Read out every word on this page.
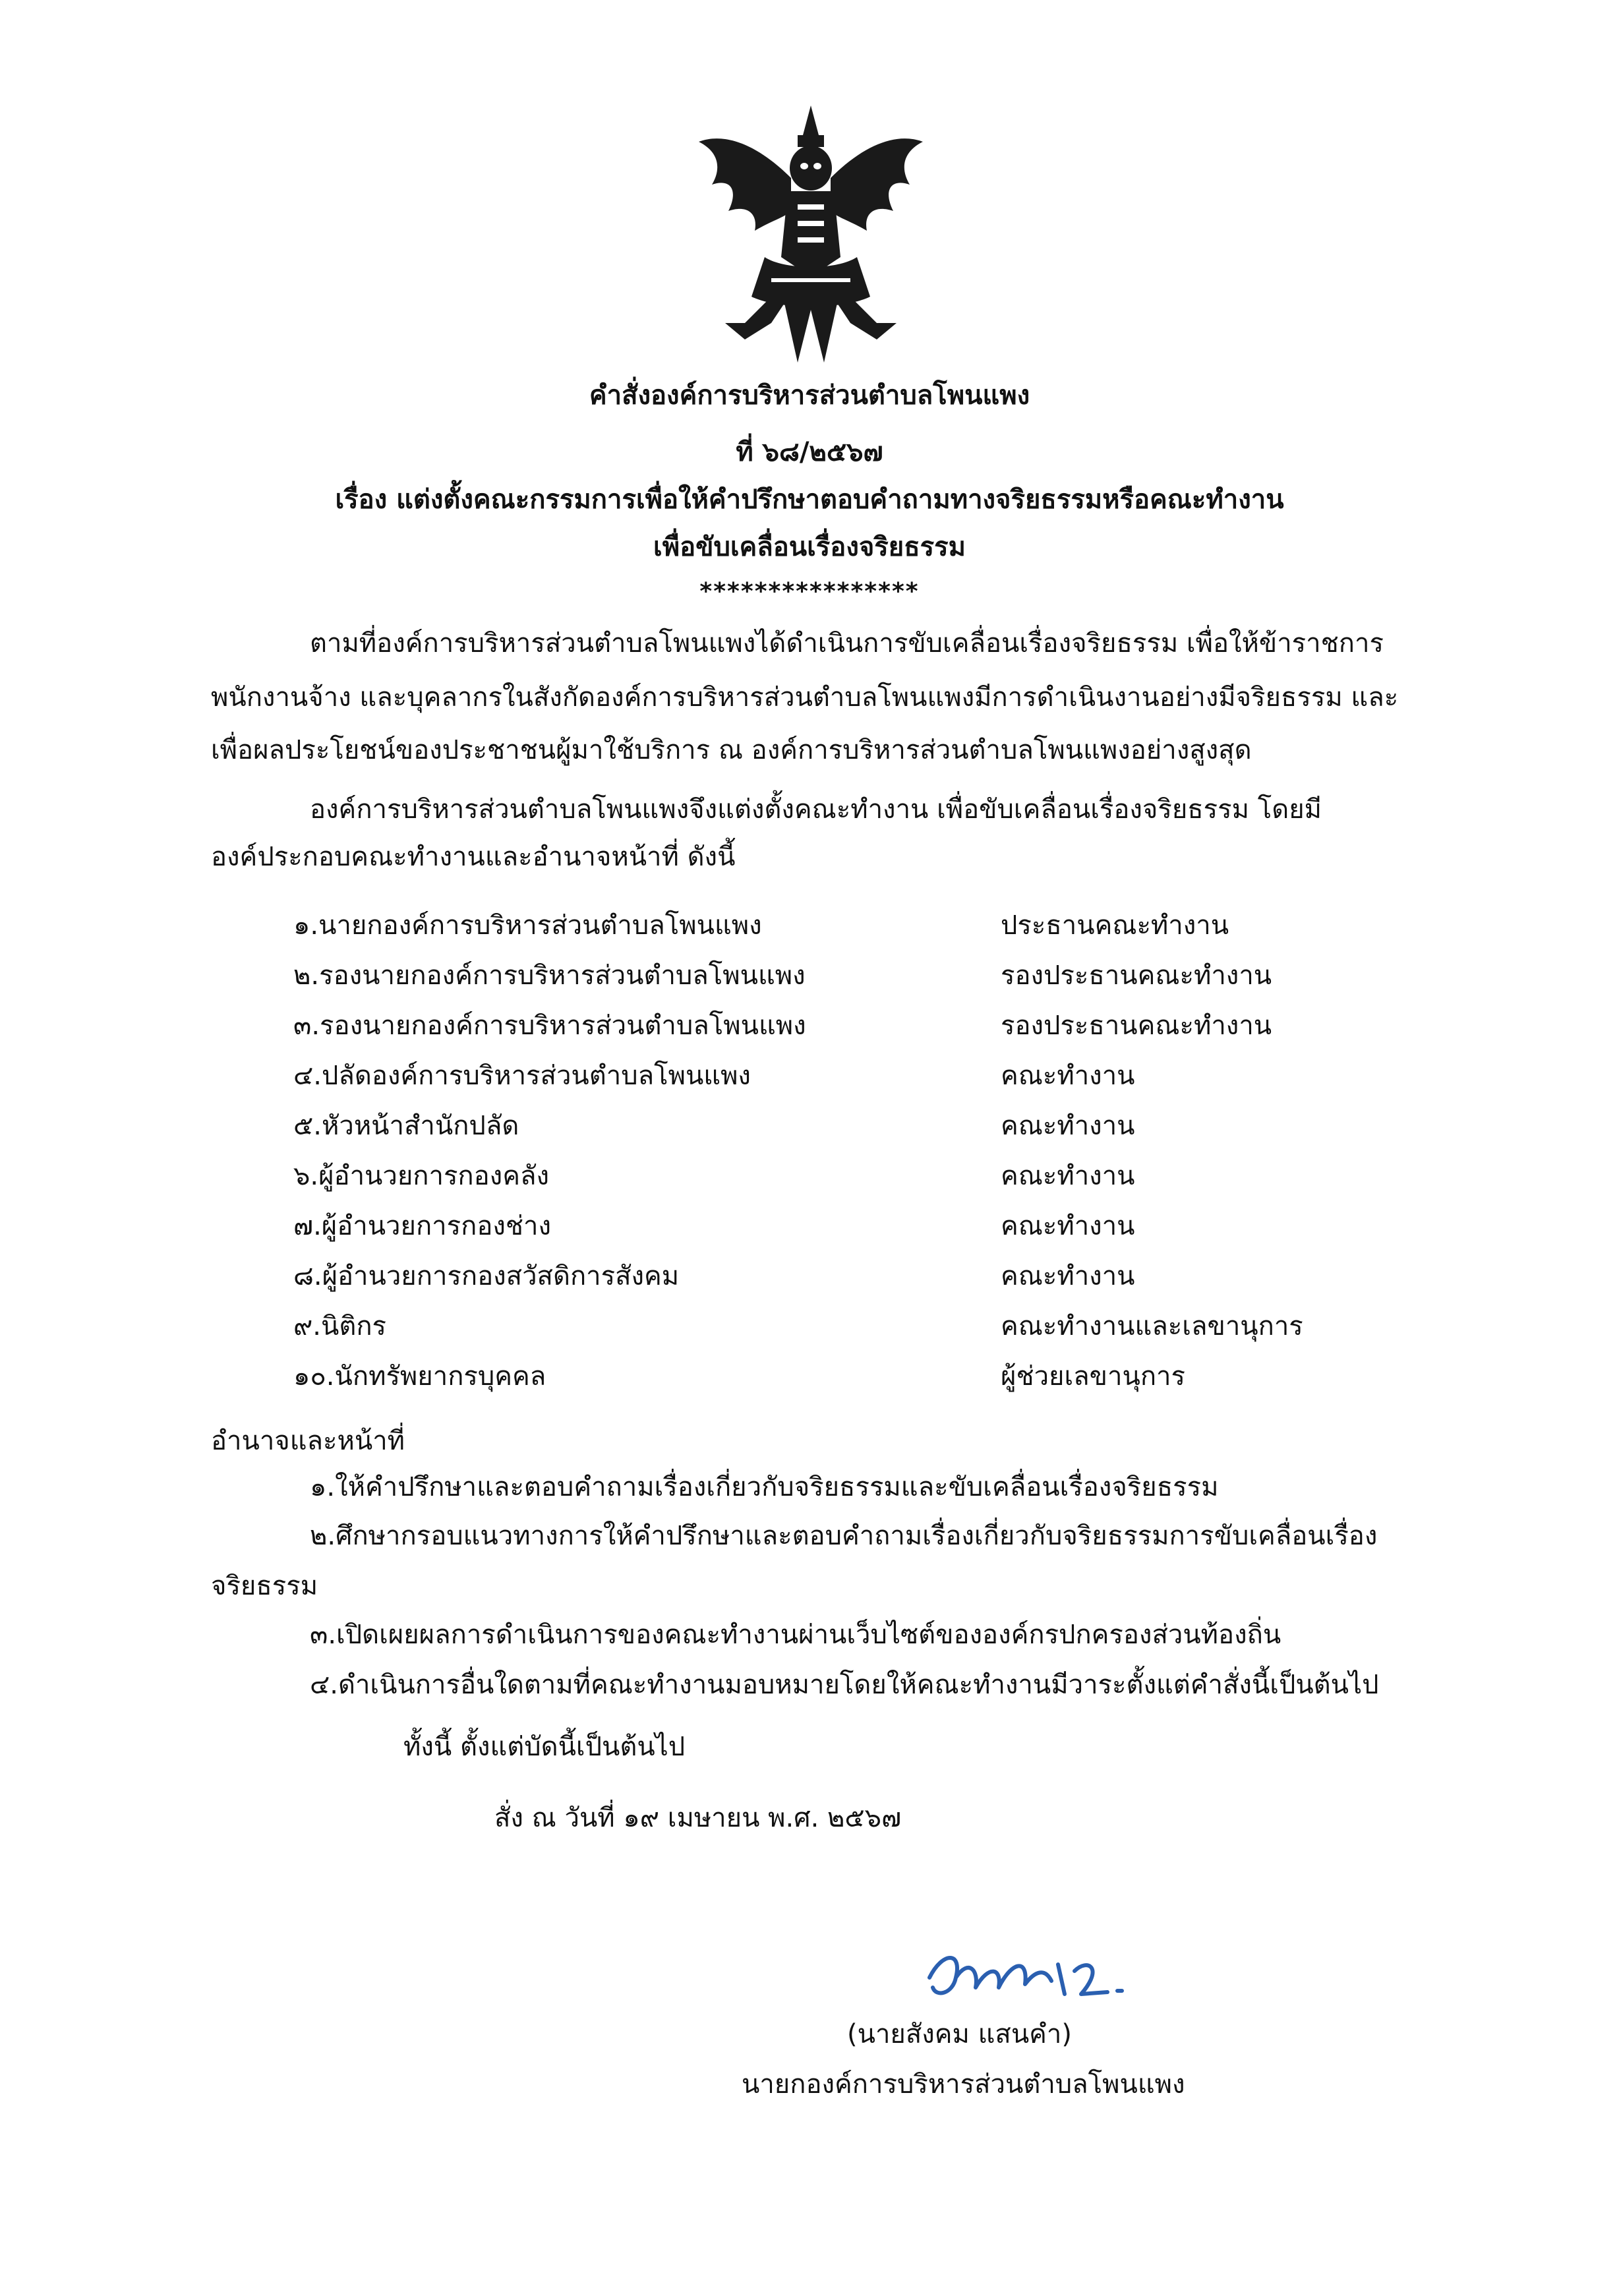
คำสั่งองค์การบริหารส่วนตำบลโพนแพง
ที่ ๖๘/๒๕๖๗
เรื่อง แต่งตั้งคณะกรรมการเพื่อให้คำปรึกษาตอบคำถามทางจริยธรรมหรือคณะทำงาน
เพื่อขับเคลื่อนเรื่องจริยธรรม
****************
ตามที่องค์การบริหารส่วนตำบลโพนแพงได้ดำเนินการขับเคลื่อนเรื่องจริยธรรม เพื่อให้ข้าราชการ
พนักงานจ้าง และบุคลากรในสังกัดองค์การบริหารส่วนตำบลโพนแพงมีการดำเนินงานอย่างมีจริยธรรม และ
เพื่อผลประโยชน์ของประชาชนผู้มาใช้บริการ ณ องค์การบริหารส่วนตำบลโพนแพงอย่างสูงสุด
องค์การบริหารส่วนตำบลโพนแพงจึงแต่งตั้งคณะทำงาน เพื่อขับเคลื่อนเรื่องจริยธรรม โดยมี
องค์ประกอบคณะทำงานและอำนาจหน้าที่ ดังนี้
๑.นายกองค์การบริหารส่วนตำบลโพนแพง	ประธานคณะทำงาน
๒.รองนายกองค์การบริหารส่วนตำบลโพนแพง	รองประธานคณะทำงาน
๓.รองนายกองค์การบริหารส่วนตำบลโพนแพง	รองประธานคณะทำงาน
๔.ปลัดองค์การบริหารส่วนตำบลโพนแพง	คณะทำงาน
๕.หัวหน้าสำนักปลัด	คณะทำงาน
๖.ผู้อำนวยการกองคลัง	คณะทำงาน
๗.ผู้อำนวยการกองช่าง	คณะทำงาน
๘.ผู้อำนวยการกองสวัสดิการสังคม	คณะทำงาน
๙.นิติกร	คณะทำงานและเลขานุการ
๑๐.นักทรัพยากรบุคคล	ผู้ช่วยเลขานุการ
อำนาจและหน้าที่
๑.ให้คำปรึกษาและตอบคำถามเรื่องเกี่ยวกับจริยธรรมและขับเคลื่อนเรื่องจริยธรรม
๒.ศึกษากรอบแนวทางการให้คำปรึกษาและตอบคำถามเรื่องเกี่ยวกับจริยธรรมการขับเคลื่อนเรื่อง
จริยธรรม
๓.เปิดเผยผลการดำเนินการของคณะทำงานผ่านเว็บไซต์ขององค์กรปกครองส่วนท้องถิ่น
๔.ดำเนินการอื่นใดตามที่คณะทำงานมอบหมายโดยให้คณะทำงานมีวาระตั้งแต่คำสั่งนี้เป็นต้นไป
ทั้งนี้ ตั้งแต่บัดนี้เป็นต้นไป
สั่ง ณ วันที่ ๑๙ เมษายน พ.ศ. ๒๕๖๗
(นายสังคม แสนคำ)
นายกองค์การบริหารส่วนตำบลโพนแพง
